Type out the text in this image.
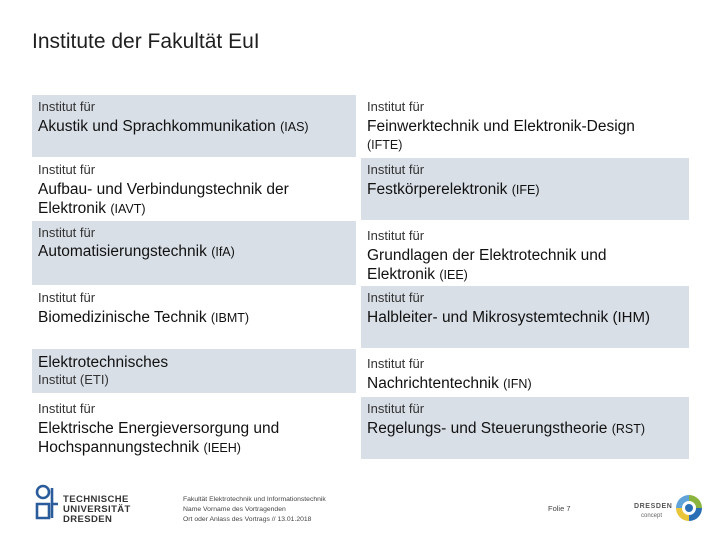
Institute der Fakultät EuI
Institut für
Akustik und Sprachkommunikation (IAS)
Institut für
Feinwerktechnik und Elektronik-Design
(IFTE)
Institut für
Aufbau- und Verbindungstechnik der Elektronik (IAVT)
Institut für
Festkörperelektronik (IFE)
Institut für
Automatisierungstechnik (IfA)
Institut für
Grundlagen der Elektrotechnik und Elektronik (IEE)
Institut für
Biomedizinische Technik (IBMT)
Institut für
Halbleiter- und Mikrosystemtechnik (IHM)
Elektrotechnisches
Institut (ETI)
Institut für
Nachrichtentechnik (IFN)
Institut für
Elektrische Energieversorgung und Hochspannungstechnik (IEEH)
Institut für
Regelungs- und Steuerungstheorie (RST)
TECHNISCHE
UNIVERSITÄT
DRESDEN
Fakultät Elektrotechnik und Informationstechnik
Name Vorname des Vortragenden
Ort oder Anlass des Vortrags // 13.01.2018
Folie 7	DRESDEN
concept
